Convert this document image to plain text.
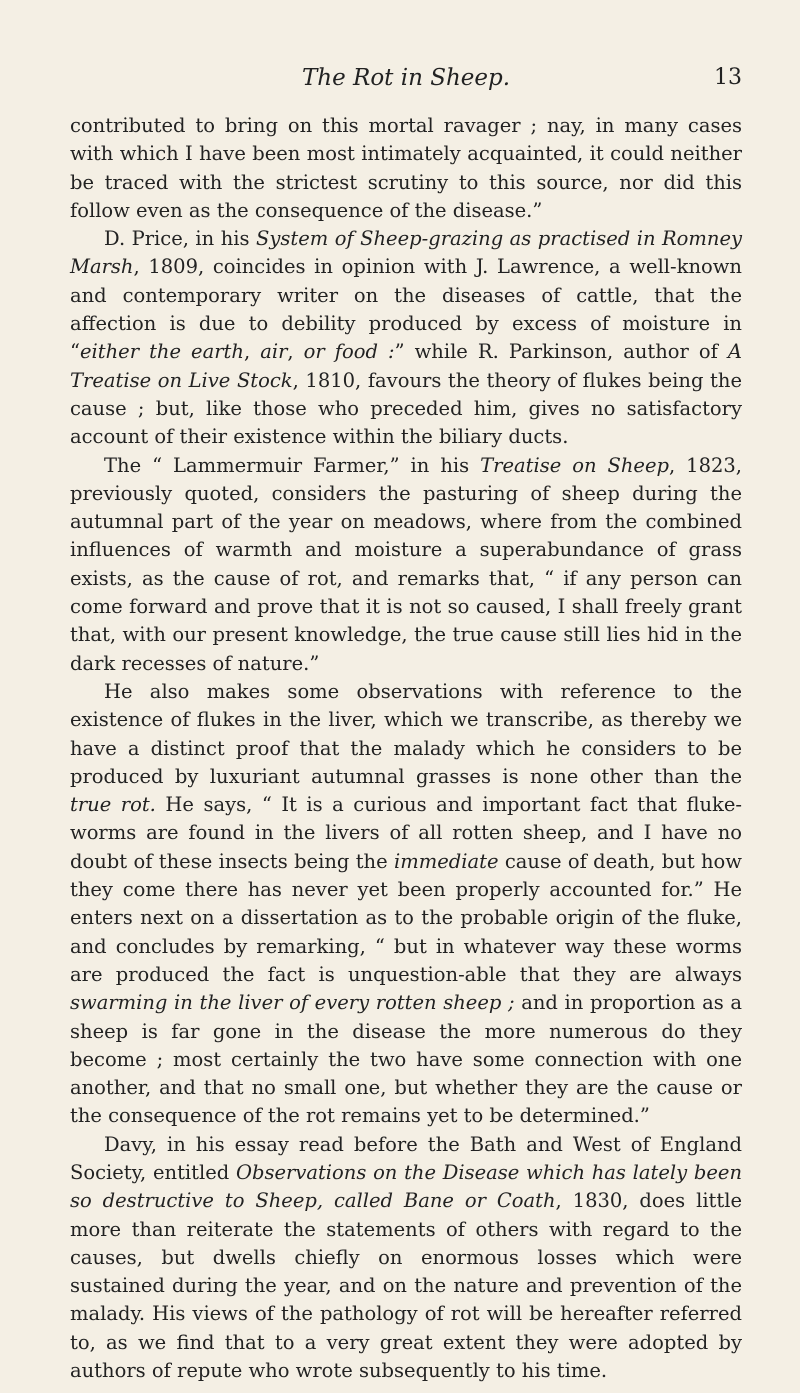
The Rot in Sheep.	13

contributed to bring on this mortal ravager ; nay, in many cases with which I have been most intimately acquainted, it could neither be traced with the strictest scrutiny to this source, nor did this follow even as the consequence of the disease.”

D. Price, in his System of Sheep-grazing as practised in Romney Marsh, 1809, coincides in opinion with J. Lawrence, a well-known and contemporary writer on the diseases of cattle, that the affection is due to debility produced by excess of moisture in “either the earth, air, or food :” while R. Parkinson, author of A Treatise on Live Stock, 1810, favours the theory of flukes being the cause ; but, like those who preceded him, gives no satisfactory account of their existence within the biliary ducts.

The “ Lammermuir Farmer,” in his Treatise on Sheep, 1823, previously quoted, considers the pasturing of sheep during the autumnal part of the year on meadows, where from the combined influences of warmth and moisture a superabundance of grass exists, as the cause of rot, and remarks that, “ if any person can come forward and prove that it is not so caused, I shall freely grant that, with our present knowledge, the true cause still lies hid in the dark recesses of nature.”

He also makes some observations with reference to the existence of flukes in the liver, which we transcribe, as thereby we have a distinct proof that the malady which he considers to be produced by luxuriant autumnal grasses is none other than the true rot. He says, “ It is a curious and important fact that fluke-worms are found in the livers of all rotten sheep, and I have no doubt of these insects being the immediate cause of death, but how they come there has never yet been properly accounted for.” He enters next on a dissertation as to the probable origin of the fluke, and concludes by remarking, “ but in whatever way these worms are produced the fact is unquestion-able that they are always swarming in the liver of every rotten sheep ; and in proportion as a sheep is far gone in the disease the more numerous do they become ; most certainly the two have some connection with one another, and that no small one, but whether they are the cause or the consequence of the rot remains yet to be determined.”

Davy, in his essay read before the Bath and West of England Society, entitled Observations on the Disease which has lately been so destructive to Sheep, called Bane or Coath, 1830, does little more than reiterate the statements of others with regard to the causes, but dwells chiefly on enormous losses which were sustained during the year, and on the nature and prevention of the malady. His views of the pathology of rot will be hereafter referred to, as we find that to a very great extent they were adopted by authors of repute who wrote subsequently to his time.
